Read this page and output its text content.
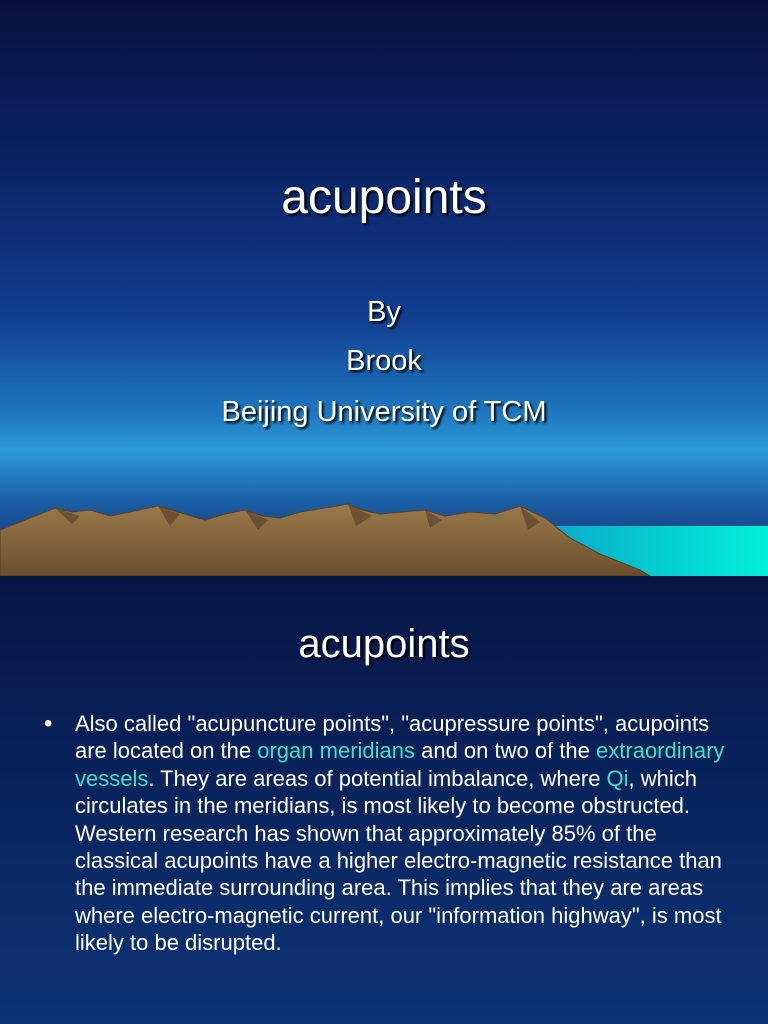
acupoints
By
Brook
Beijing University of TCM
acupoints
• Also called "acupuncture points", "acupressure points", acupoints are located on the organ meridians and on two of the extraordinary vessels. They are areas of potential imbalance, where Qi, which circulates in the meridians, is most likely to become obstructed. Western research has shown that approximately 85% of the classical acupoints have a higher electro-magnetic resistance than the immediate surrounding area. This implies that they are areas where electro-magnetic current, our "information highway", is most likely to be disrupted.
